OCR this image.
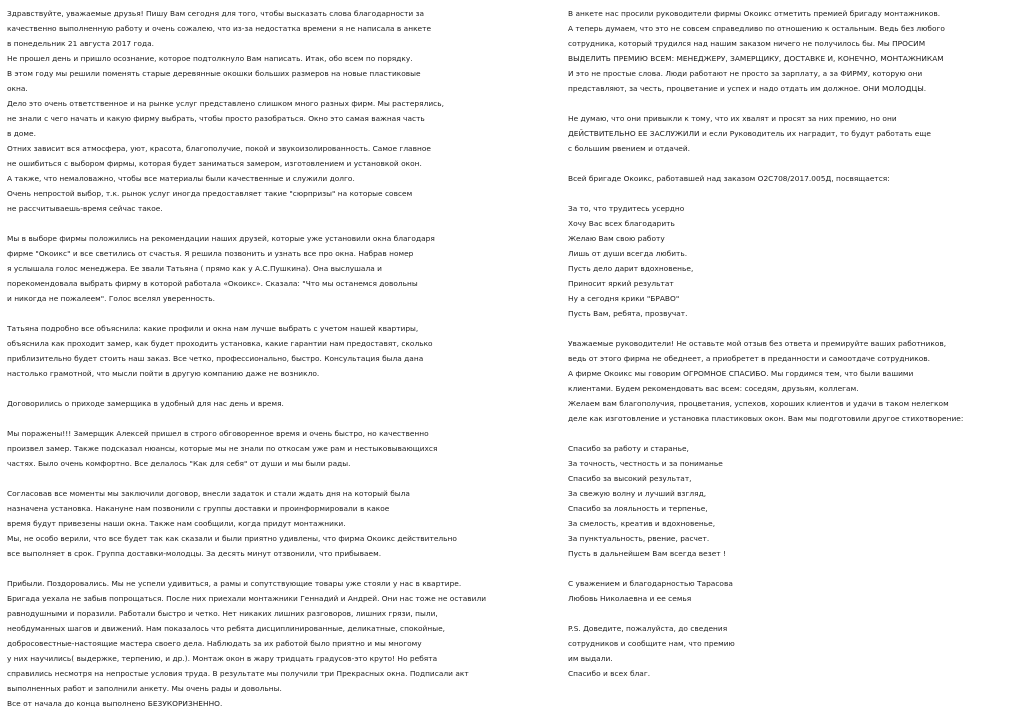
Здравствуйте, уважаемые друзья! Пишу Вам сегодня для того, чтобы высказать слова благодарности за
качественно выполненную работу и очень сожалею, что из-за недостатка времени я не написала в анкете
в понедельник 21 августа 2017 года.
Не прошел день и пришло осознание, которое подтолкнуло Вам написать. Итак, обо всем по порядку.
В этом году мы решили поменять старые деревянные окошки больших размеров на новые пластиковые
окна.
Дело это очень ответственное и на рынке услуг представлено слишком много разных фирм. Мы растерялись,
не знали с чего начать и какую фирму выбрать, чтобы просто разобраться. Окно это самая важная часть
в доме.
Отних зависит вся атмосфера, уют, красота, благополучие, покой и звукоизолированность. Самое главное
не ошибиться с выбором фирмы, которая будет заниматься замером, изготовлением и установкой окон.
А также, что немаловажно, чтобы все материалы были качественные и служили долго.
Очень непростой выбор, т.к. рынок услуг иногда предоставляет такие "сюрпризы" на которые совсем
не рассчитываешь-время сейчас такое.
Мы в выборе фирмы положились на рекомендации наших друзей, которые уже установили окна благодаря
фирме "Окоикс" и все светились от счастья. Я решила позвонить и узнать все про окна. Набрав номер
я услышала голос менеджера. Ее звали Татьяна ( прямо как у А.С.Пушкина). Она выслушала и
порекомендовала выбрать фирму в которой работала «Окоикс». Сказала: "Что мы останемся довольны
и никогда не пожалеем". Голос вселял уверенность.
Татьяна подробно все объяснила: какие профили и окна нам лучше выбрать с учетом нашей квартиры,
объяснила как проходит замер, как будет проходить установка, какие гарантии нам предоставят, сколько
приблизительно будет стоить наш заказ. Все четко, профессионально, быстро. Консультация была дана
настолько грамотной, что мысли пойти в другую компанию даже не возникло.
Договорились о приходе замерщика в удобный для нас день и время.
Мы поражены!!! Замерщик Алексей пришел в строго обговоренное время и очень быстро, но качественно
произвел замер. Также подсказал нюансы, которые мы не знали по откосам уже рам и нестыковывающихся
частях. Было очень комфортно. Все делалось "Как для себя" от души и мы были рады.
Согласовав все моменты мы заключили договор, внесли задаток и стали ждать дня на который была
назначена установка. Накануне нам позвонили с группы доставки и проинформировали в какое
время будут привезены наши окна. Также нам сообщили, когда придут монтажники.
Мы, не особо верили, что все будет так как сказали и были приятно удивлены, что фирма Окоикс действительно
все выполняет в срок. Группа доставки-молодцы. За десять минут отзвонили, что прибываем.
Прибыли. Поздоровались. Мы не успели удивиться, а рамы и сопутствующие товары уже стояли у нас в квартире.
Бригада уехала не забыв попрощаться. После них приехали монтажники Геннадий и Андрей. Они нас тоже не оставили
равнодушными и поразили. Работали быстро и четко. Нет никаких лишних разговоров, лишних грязи, пыли,
необдуманных шагов и движений. Нам показалось что ребята дисциплинированные, деликатные, спокойные,
добросовестные-настоящие мастера своего дела. Наблюдать за их работой было приятно и мы многому
у них научились( выдержке, терпению, и др.). Монтаж окон в жару тридцать градусов-это круто! Но ребята
справились несмотря на непростые условия труда. В результате мы получили три Прекрасных окна. Подписали акт
выполненных работ и заполнили анкету. Мы очень рады и довольны.
Все от начала до конца выполнено БЕЗУКОРИЗНЕННО.
В анкете нас просили руководители фирмы Окоикс отметить премией бригаду монтажников.
А теперь думаем, что это не совсем справедливо по отношению к остальным. Ведь без любого
сотрудника, который трудился над нашим заказом ничего не получилось бы. Мы ПРОСИМ
ВЫДЕЛИТЬ ПРЕМИЮ ВСЕМ: МЕНЕДЖЕРУ, ЗАМЕРЩИКУ, ДОСТАВКЕ И, КОНЕЧНО, МОНТАЖНИКАМ
И это не простые слова. Люди работают не просто за зарплату, а за ФИРМУ, которую они
представляют, за честь, процветание и успех и надо отдать им должное. ОНИ МОЛОДЦЫ.
Не думаю, что они привыкли к тому, что их хвалят и просят за них премию, но они
ДЕЙСТВИТЕЛЬНО ЕЕ ЗАСЛУЖИЛИ и если Руководитель их наградит, то будут работать еще
с большим рвением и отдачей.
Всей бригаде Окоикс, работавшей над заказом О2С708/2017.005Д, посвящается:
За то, что трудитесь усердно
Хочу Вас всех благодарить
Желаю Вам свою работу
Лишь от души всегда любить.
Пусть дело дарит вдохновенье,
Приносит яркий результат
Ну а сегодня крики "БРАВО"
Пусть Вам, ребята, прозвучат.
Уважаемые руководители! Не оставьте мой отзыв без ответа и премируйте ваших работников,
ведь от этого фирма не обеднеет, а приобретет в преданности и самоотдаче сотрудников.
А фирме Окоикс мы говорим ОГРОМНОЕ СПАСИБО. Мы гордимся тем, что были вашими
клиентами. Будем рекомендовать вас всем: соседям, друзьям, коллегам.
Желаем вам благополучия, процветания, успехов, хороших клиентов и удачи в таком нелегком
деле как изготовление и установка пластиковых окон. Вам мы подготовили другое стихотворение:
Спасибо за работу и старанье,
За точность, честность и за пониманье
Спасибо за высокий результат,
За свежую волну и лучший взгляд,
Спасибо за лояльность и терпенье,
За смелость, креатив и вдохновенье,
За пунктуальность, рвение, расчет.
Пусть в дальнейшем Вам всегда везет !
С уважением и благодарностью Тарасова
Любовь Николаевна и ее семья
P.S. Доведите, пожалуйста, до сведения
сотрудников и сообщите нам, что премию
им выдали.
Спасибо и всех благ.
